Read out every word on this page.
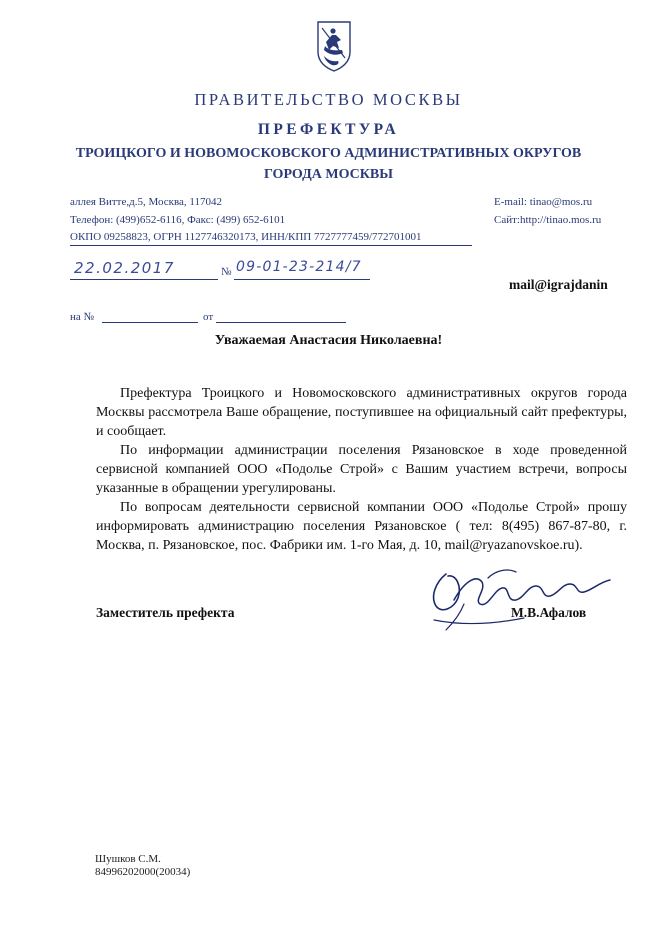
ПРАВИТЕЛЬСТВО МОСКВЫ
ПРЕФЕКТУРА
ТРОИЦКОГО И НОВОМОСКОВСКОГО АДМИНИСТРАТИВНЫХ ОКРУГОВ
ГОРОДА МОСКВЫ
аллея Витте,д.5, Москва, 117042
Телефон: (499)652-6116, Факс: (499) 652-6101
ОКПО 09258823, ОГРН 1127746320173, ИНН/КПП 7727777459/772701001
E-mail: tinao@mos.ru
Сайт:http://tinao.mos.ru
22.02.2017	№ 09-01-23-214/7
mail@igrajdanin
на №	от
Уважаемая Анастасия Николаевна!

Префектура Троицкого и Новомосковского административных округов города Москвы рассмотрела Ваше обращение, поступившее на официальный сайт префектуры, и сообщает.

По информации администрации поселения Рязановское в ходе проведенной сервисной компанией ООО «Подолье Строй» с Вашим участием встречи, вопросы указанные в обращении урегулированы.

По вопросам деятельности сервисной компании ООО «Подолье Строй» прошу информировать администрацию поселения Рязановское ( тел: 8(495) 867-87-80, г. Москва, п. Рязановское, пос. Фабрики им. 1-го Мая, д. 10, mail@ryazanovskoe.ru).

Заместитель префекта	М.В.Афалов
Шушков С.М.
84996202000(20034)
